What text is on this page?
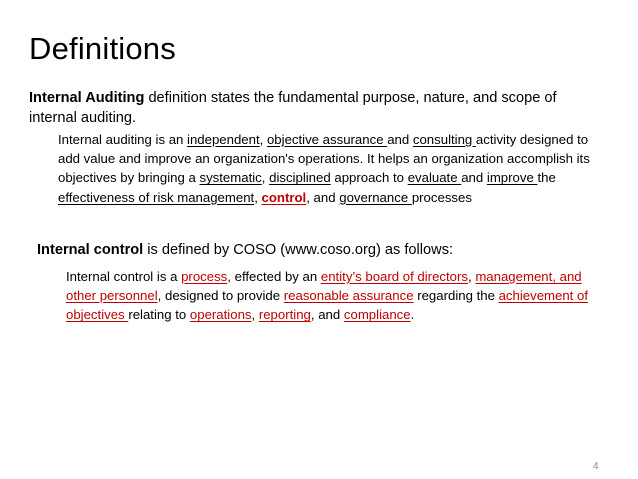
Definitions
Internal Auditing definition states the fundamental purpose, nature, and scope of internal auditing.
Internal auditing is an independent, objective assurance and consulting activity designed to add value and improve an organization's operations. It helps an organization accomplish its objectives by bringing a systematic, disciplined approach to evaluate and improve the effectiveness of risk management, control, and governance processes
Internal control is defined by COSO (www.coso.org) as follows:
Internal control is a process, effected by an entity’s board of directors, management, and other personnel, designed to provide reasonable assurance regarding the achievement of objectives relating to operations, reporting, and compliance.
4
